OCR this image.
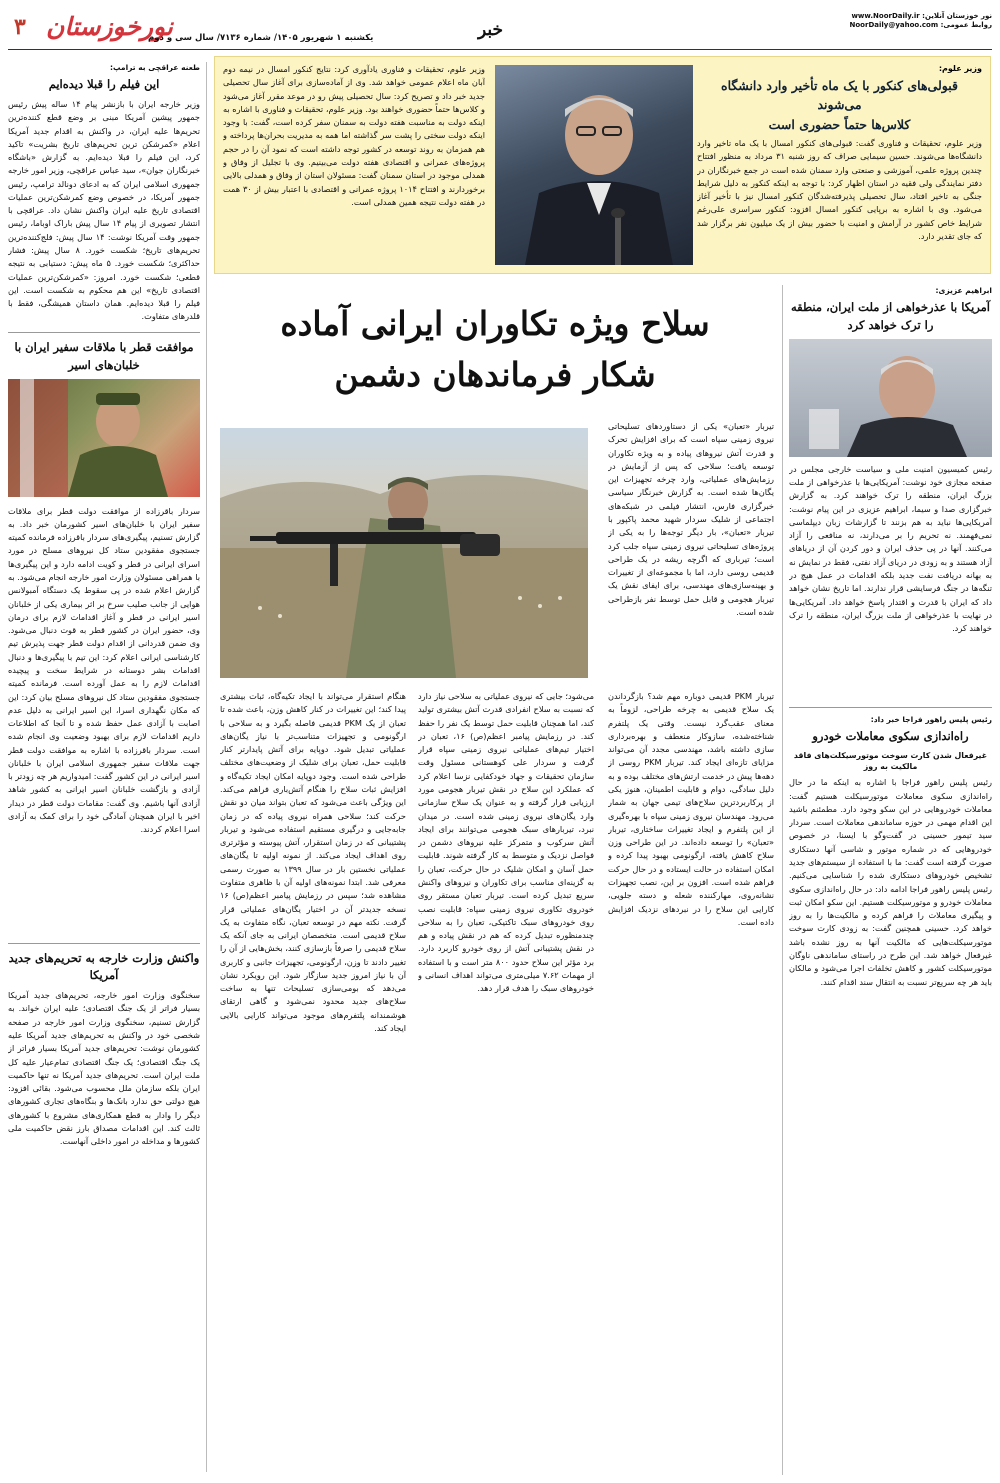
۳ نورخوزستان
یکشنبه ۱ شهریور ۱۴۰۵/ شماره ۷۱۳۶/ سال سی و دوم	خبر
نور خوزستان آنلاین: www.NoorDaily.ir
روابط عمومی: NoorDaily@yahoo.com
طعنه عراقچی به ترامپ:
این فیلم را قبلا دیده‌ایم
وزیر خارجه ایران با بازنشر پیام ۱۴ ساله پیش رئیس جمهور پیشین آمریکا مبنی بر وضع قطع کننده‌ترین تحریم‌ها علیه ایران، در واکنش به اقدام جدید آمریکا اعلام «کمرشکن ترین تحریم‌های تاریخ بشریت» تاکید کرد، این فیلم را قبلا دیده‌ایم. به گزارش «باشگاه خبرنگاران جوان»، سید عباس عراقچی، وزیر امور خارجه جمهوری اسلامی ایران که به ادعای دونالد ترامپ، رئیس جمهور آمریکا، در خصوص وضع کمرشکن‌ترین عملیات اقتصادی تاریخ علیه ایران واکنش نشان داد. عراقچی با انتشار تصویری از پیام ۱۴ سال پیش باراک اوباما، رئیس جمهور وقت آمریکا نوشت: ۱۴ سال پیش: فلج‌کننده‌ترین تحریم‌های تاریخ؛ شکست خورد. ۸ سال پیش: فشار حداکثری؛ شکست خورد. ۵ ماه پیش: دستیابی به نتیجه قطعی؛ شکست خورد. امروز: «کمرشکن‌ترین عملیات اقتصادی تاریخ» این هم محکوم به شکست است. این فیلم را قبلا دیده‌ایم. همان داستان همیشگی، فقط با قلدرهای متفاوت.
موافقت قطر با ملاقات سفیر ایران با خلبان‌های اسیر
سردار باقرزاده از موافقت دولت قطر برای ملاقات سفیر ایران با خلبان‌های اسیر کشورمان خبر داد. به گزارش تسنیم، پیگیری‌های سردار باقرزاده فرمانده کمیته جستجوی مفقودین ستاد کل نیروهای مسلح در مورد اسرای ایرانی در قطر و کویت ادامه دارد و این پیگیری‌ها با همراهی مسئولان وزارت امور خارجه انجام می‌شود. به گزارش اعلام شده در پی سقوط یک دستگاه آمبولانس هوایی از جانب صلیب سرخ بر اثر بیماری یکی از خلبانان اسیر ایرانی در قطر و آغاز اقدامات لازم برای درمان وی، حضور ایران در کشور قطر به قوت دنبال می‌شود. وی ضمن قدردانی از اقدام دولت قطر جهت پذیرش تیم کارشناسی ایرانی اعلام کرد: این تیم با پیگیری‌ها و دنبال اقدامات بشر دوستانه در شرایط سخت و پیچیده اقدامات لازم را به عمل آورده است. فرمانده کمیته جستجوی مفقودین ستاد کل نیروهای مسلح بیان کرد: این که مکان نگهداری اسرا، این اسیر ایرانی به دلیل عدم اصابت با آزادی عمل حفظ شده و تا آنجا که اطلاعات داریم اقدامات لازم برای بهبود وضعیت وی انجام شده است. سردار باقرزاده با اشاره به موافقت دولت قطر جهت ملاقات سفیر جمهوری اسلامی ایران با خلبانان اسیر ایرانی در این کشور گفت: امیدواریم هر چه زودتر با آزادی و بازگشت خلبانان اسیر ایرانی به کشور شاهد آزادی آنها باشیم. وی گفت: مقامات دولت قطر در دیدار اخیر با ایران همچنان آمادگی خود را برای کمک به آزادی اسرا اعلام کردند.
واکنش وزارت خارجه به تحریم‌های جدید آمریکا
سخنگوی وزارت امور خارجه، تحریم‌های جدید آمریکا بسیار فراتر از یک جنگ اقتصادی؛ علیه ایران خواند. به گزارش تسنیم، سخنگوی وزارت امور خارجه در صفحه شخصی خود در واکنش به تحریم‌های جدید آمریکا علیه کشورمان نوشت: تحریم‌های جدید آمریکا بسیار فراتر از یک جنگ اقتصادی؛ یک جنگ اقتصادی تمام‌عیار علیه کل ملت ایران است. تحریم‌های جدید آمریکا نه تنها حاکمیت ایران بلکه سازمان ملل محسوب می‌شود. بقائی افزود: هیچ دولتی حق ندارد بانک‌ها و بنگاه‌های تجاری کشورهای دیگر را وادار به قطع همکاری‌های مشروع با کشورهای ثالث کند. این اقدامات مصداق بارز نقض حاکمیت ملی کشورها و مداخله در امور داخلی آنهاست.
وزیر علوم:
قبولی‌های کنکور با یک ماه تأخیر وارد دانشگاه می‌شوند
کلاس‌ها حتماً حضوری است
وزیر علوم، تحقیقات و فناوری گفت: قبولی‌های کنکور امسال با یک ماه تاخیر وارد دانشگاه‌ها می‌شوند. حسین سیمایی صراف که روز شنبه ۳۱ مرداد به منظور افتتاح چندین پروژه علمی، آموزشی و صنعتی وارد سمنان شده است در جمع خبرنگاران در دفتر نمایندگی ولی فقیه در استان اظهار کرد: با توجه به اینکه کنکور به دلیل شرایط جنگی به تاخیر افتاد، سال تحصیلی پذیرفته‌شدگان کنکور امسال نیز با تأخیر آغاز می‌شود. وی با اشاره به برپایی کنکور امسال افزود: کنکور سراسری علی‌رغم شرایط خاص کشور در آرامش و امنیت با حضور بیش از یک میلیون نفر برگزار شد که جای تقدیر دارد.
وزیر علوم، تحقیقات و فناوری یادآوری کرد: نتایج کنکور امسال در نیمه دوم آبان ماه اعلام عمومی خواهد شد. وی از آماده‌سازی برای آغاز سال تحصیلی جدید خبر داد و تصریح کرد: سال تحصیلی پیش رو در موعد مقرر آغاز می‌شود و کلاس‌ها حتماً حضوری خواهند بود. وزیر علوم، تحقیقات و فناوری با اشاره به اینکه دولت به مناسبت هفته دولت به سمنان سفر کرده است، گفت: با وجود اینکه دولت سختی را پشت سر گذاشته اما همه به مدیریت بحران‌ها پرداخته و هم همزمان به روند توسعه در کشور توجه داشته است که نمود آن را در حجم پروژه‌های عمرانی و اقتصادی هفته دولت می‌بینیم. وی با تجلیل از وفاق و همدلی موجود در استان سمنان گفت: مسئولان استان از وفاق و همدلی بالایی برخوردارند و افتتاح ۱۰۱۴ پروژه عمرانی و اقتصادی با اعتبار بیش از ۳۰ همت در هفته دولت نتیجه همین همدلی است.
ابراهیم عزیزی:
آمریکا با عذرخواهی از ملت ایران، منطقه را ترک خواهد کرد
رئیس کمیسیون امنیت ملی و سیاست خارجی مجلس در صفحه مجازی خود نوشت: آمریکایی‌ها با عذرخواهی از ملت بزرگ ایران، منطقه را ترک خواهند کرد. به گزارش خبرگزاری صدا و سیما، ابراهیم عزیزی در این پیام نوشت: آمریکایی‌ها نباید به هم بزنند تا گزارشات زبان دیپلماسی نمی‌فهمند. نه تحریم را بر می‌دارند، نه منافعی را آزاد می‌کنند. آنها در پی حذف ایران و دور کردن آن از دریاهای آزاد هستند و به زودی در دریای آزاد نفتی، فقط در نمایش نه به بهانه دریافت نفت جدید بلکه اقدامات در عمل هیچ در تنگه‌ها در جنگ فرسایشی قرار ندارند. اما تاریخ نشان خواهد داد که ایران با قدرت و اقتدار پاسخ خواهد داد. آمریکایی‌ها در نهایت با عذرخواهی از ملت بزرگ ایران، منطقه را ترک خواهند کرد.
رئیس پلیس راهور فراجا خبر داد:
راه‌اندازی سکوی معاملات خودرو
غیرفعال شدن کارت سوخت موتورسیکلت‌های فاقد مالکیت به روز
رئیس پلیس راهور فراجا با اشاره به اینکه ما در حال راه‌اندازی سکوی معاملات موتورسیکلت هستیم گفت: معاملات خودروهایی در این سکو وجود دارد. مطمئنم باشید این اقدام مهمی در حوزه ساماندهی معاملات است. سردار سید تیمور حسینی در گفت‌وگو با ایسنا، در خصوص خودروهایی که در شماره موتور و شاسی آنها دستکاری صورت گرفته است گفت: ما با استفاده از سیستم‌های جدید تشخیص خودروهای دستکاری شده را شناسایی می‌کنیم. رئیس پلیس راهور فراجا ادامه داد: در حال راه‌اندازی سکوی معاملات خودرو و موتورسیکلت هستیم. این سکو امکان ثبت و پیگیری معاملات را فراهم کرده و مالکیت‌ها را به روز خواهد کرد. حسینی همچنین گفت: به زودی کارت سوخت موتورسیکلت‌هایی که مالکیت آنها به روز نشده باشد غیرفعال خواهد شد. این طرح در راستای ساماندهی ناوگان موتورسیکلت کشور و کاهش تخلفات اجرا می‌شود و مالکان باید هر چه سریع‌تر نسبت به انتقال سند اقدام کنند.
سلاح ویژه تکاوران ایرانی آماده
شکار فرماندهان دشمن
تیربار «تعبان» یکی از دستاوردهای تسلیحاتی نیروی زمینی سپاه است که برای افزایش تحرک و قدرت آتش نیروهای پیاده و به ویژه تکاوران توسعه یافت؛ سلاحی که پس از آزمایش در رزمایش‌های عملیاتی، وارد چرخه تجهیزات این یگان‌ها شده است. به گزارش خبرنگار سیاسی خبرگزاری فارس، انتشار فیلمی در شبکه‌های اجتماعی از شلیک سردار شهید محمد پاکپور با تیربار «تعبان»، بار دیگر توجه‌ها را به یکی از پروژه‌های تسلیحاتی نیروی زمینی سپاه جلب کرد است؛ تیرباری که اگرچه ریشه در یک طراحی قدیمی روسی دارد، اما با مجموعه‌ای از تغییرات و بهینه‌سازی‌های مهندسی، برای ایفای نقش یک تیربار هجومی و قابل حمل توسط نفر بازطراحی شده است.
تیربار PKM قدیمی دوباره مهم شد؟ بازگرداندن یک سلاح قدیمی به چرخه طراحی، لزوماً به معنای عقب‌گرد نیست. وقتی یک پلتفرم شناخته‌شده، سازوکار منعطف و بهره‌برداری سازی داشته باشد، مهندسی مجدد آن می‌تواند مزایای تازه‌ای ایجاد کند. تیربار PKM روسی از دهه‌ها پیش در خدمت ارتش‌های مختلف بوده و به دلیل سادگی، دوام و قابلیت اطمینان، هنوز یکی از پرکاربردترین سلاح‌های تیمی جهان به شمار می‌رود. مهندسان نیروی زمینی سپاه با بهره‌گیری از این پلتفرم و ایجاد تغییرات ساختاری، تیربار «تعبان» را توسعه داده‌اند. در این طراحی وزن سلاح کاهش یافته، ارگونومی بهبود پیدا کرده و امکان استفاده در حالت ایستاده و در حال حرکت فراهم شده است. افزون بر این، نصب تجهیزات نشانه‌روی، مهارکننده شعله و دسته جلویی، کارایی این سلاح را در نبردهای نزدیک افزایش داده است.
می‌شود؛ جایی که نیروی عملیاتی به سلاحی نیاز دارد که نسبت به سلاح انفرادی قدرت آتش بیشتری تولید کند، اما همچنان قابلیت حمل توسط یک نفر را حفظ کند. در رزمایش پیامبر اعظم(ص) ۱۶، تعبان در اختیار تیم‌های عملیاتی نیروی زمینی سپاه قرار گرفت و سردار علی کوهستانی مسئول وقت سازمان تحقیقات و جهاد خودکفایی نزسا اعلام کرد که عملکرد این سلاح در نقش تیربار هجومی مورد ارزیابی قرار گرفته و به عنوان یک سلاح سازمانی وارد یگان‌های نیروی زمینی شده است. در میدان نبرد، تیربارهای سبک هجومی می‌توانند برای ایجاد آتش سرکوب و متمرکز علیه نیروهای دشمن در فواصل نزدیک و متوسط به کار گرفته شوند. قابلیت حمل آسان و امکان شلیک در حال حرکت، تعبان را به گزینه‌ای مناسب برای تکاوران و نیروهای واکنش سریع تبدیل کرده است. تیربار تعبان مستقر روی خودروی تکاوری نیروی زمینی سپاه: قابلیت نصب روی خودروهای سبک تاکتیکی، تعبان را به سلاحی چندمنظوره تبدیل کرده که هم در نقش پیاده و هم در نقش پشتیبانی آتش از روی خودرو کاربرد دارد. برد مؤثر این سلاح حدود ۸۰۰ متر است و با استفاده از مهمات ۷.۶۲ میلی‌متری می‌تواند اهداف انسانی و خودروهای سبک را هدف قرار دهد.
هنگام استقرار می‌تواند با ایجاد تکیه‌گاه، ثبات بیشتری پیدا کند؛ این تغییرات در کنار کاهش وزن، باعث شده تا تعبان از یک PKM قدیمی فاصله بگیرد و به سلاحی با ارگونومی و تجهیزات متناسب‌تر با نیاز یگان‌های عملیاتی تبدیل شود. دوپایه برای آتش پایدارتر کنار قابلیت حمل، تعبان برای شلیک از وضعیت‌های مختلف طراحی شده است. وجود دوپایه امکان ایجاد تکیه‌گاه و افزایش ثبات سلاح را هنگام آتش‌باری فراهم می‌کند. این ویژگی باعث می‌شود که تعبان بتواند میان دو نقش حرکت کند؛ سلاحی همراه نیروی پیاده که در زمان جابه‌جایی و درگیری مستقیم استفاده می‌شود و تیربار پشتیبانی که در زمان استقرار، آتش پیوسته و مؤثرتری روی اهداف ایجاد می‌کند. از نمونه اولیه تا یگان‌های عملیاتی نخستین بار در سال ۱۳۹۹ به صورت رسمی معرفی شد. ابتدا نمونه‌های اولیه آن با ظاهری متفاوت مشاهده شد؛ سپس در رزمایش پیامبر اعظم(ص) ۱۶ نسخه جدیدتر آن در اختیار یگان‌های عملیاتی قرار گرفت. نکته مهم در توسعه تعبان، نگاه متفاوت به یک سلاح قدیمی است. متخصصان ایرانی به جای آنکه یک سلاح قدیمی را صرفاً بازسازی کنند، بخش‌هایی از آن را تغییر دادند تا وزن، ارگونومی، تجهیزات جانبی و کاربری آن با نیاز امروز جدید سازگار شود. این رویکرد نشان می‌دهد که بومی‌سازی تسلیحات تنها به ساخت سلاح‌های جدید محدود نمی‌شود و گاهی ارتقای هوشمندانه پلتفرم‌های موجود می‌تواند کارایی بالایی ایجاد کند.
